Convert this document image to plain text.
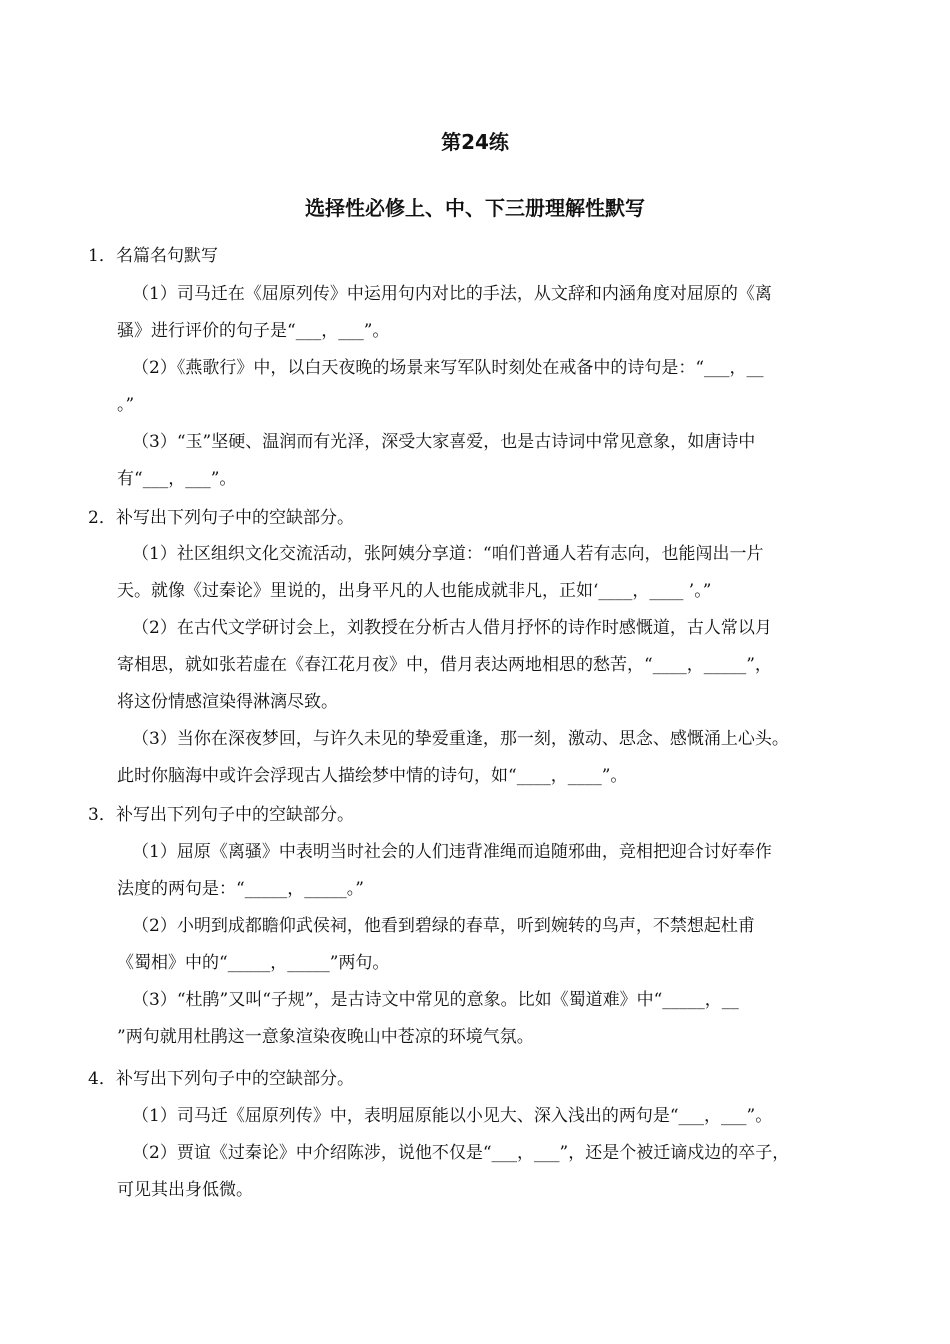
第24练
选择性必修上、中、下三册理解性默写
1．名篇名句默写
（1）司马迁在《屈原列传》中运用句内对比的手法，从文辞和内涵角度对屈原的《离
骚》进行评价的句子是“___，___”。
（2）《燕歌行》中，以白天夜晚的场景来写军队时刻处在戒备中的诗句是：“___，__
。”
（3）“玉”坚硬、温润而有光泽，深受大家喜爱，也是古诗词中常见意象，如唐诗中
有“___，___”。
2．补写出下列句子中的空缺部分。
（1）社区组织文化交流活动，张阿姨分享道：“咱们普通人若有志向，也能闯出一片
天。就像《过秦论》里说的，出身平凡的人也能成就非凡，正如‘____，____ ’。”
（2）在古代文学研讨会上，刘教授在分析古人借月抒怀的诗作时感慨道，古人常以月
寄相思，就如张若虚在《春江花月夜》中，借月表达两地相思的愁苦，“____，_____”，
将这份情感渲染得淋漓尽致。
（3）当你在深夜梦回，与许久未见的挚爱重逢，那一刻，激动、思念、感慨涌上心头。
此时你脑海中或许会浮现古人描绘梦中情的诗句，如“____，____”。
3．补写出下列句子中的空缺部分。
（1）屈原《离骚》中表明当时社会的人们违背准绳而追随邪曲，竞相把迎合讨好奉作
法度的两句是：“_____，_____。”
（2）小明到成都瞻仰武侯祠，他看到碧绿的春草，听到婉转的鸟声，不禁想起杜甫
《蜀相》中的“_____，_____”两句。
（3）“杜鹃”又叫“子规”，是古诗文中常见的意象。比如《蜀道难》中“_____，__
”两句就用杜鹃这一意象渲染夜晚山中苍凉的环境气氛。
4．补写出下列句子中的空缺部分。
（1）司马迁《屈原列传》中，表明屈原能以小见大、深入浅出的两句是“___，___”。
（2）贾谊《过秦论》中介绍陈涉，说他不仅是“___，___”，还是个被迁谪戍边的卒子，
可见其出身低微。
